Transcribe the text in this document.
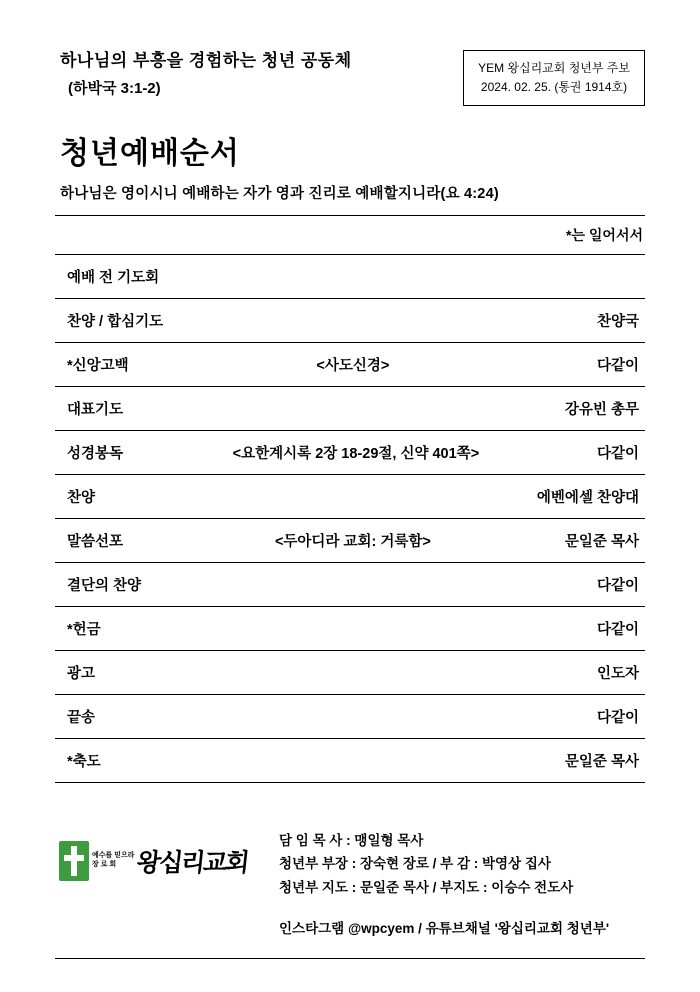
하나님의 부흥을 경험하는 청년 공동체
(하박국 3:1-2)
YEM 왕십리교회 청년부 주보
2024. 02. 25. (통권 1914호)
청년예배순서
하나님은 영이시니 예배하는 자가 영과 진리로 예배할지니라(요 4:24)
*는 일어서서
예배 전 기도회		
찬양 / 합심기도		찬양국
*신앙고백	<사도신경>	다같이
대표기도		강유빈 총무
성경봉독	<요한계시록 2장 18-29절, 신약 401쪽>	다같이
찬양		에벤에셀 찬양대
말씀선포	<두아디라 교회: 거룩함>	문일준 목사
결단의 찬양		다같이
*헌금		다같이
광고		인도자
끝송		다같이
*축도		문일준 목사
예수를 믿으라
장 로 회 왕십리교회
담 임 목 사 : 맹일형 목사
청년부 부장 : 장숙현 장로 / 부 감 : 박영상 집사
청년부 지도 : 문일준 목사 / 부지도 : 이승수 전도사
인스타그램 @wpcyem / 유튜브채널 '왕십리교회 청년부'
